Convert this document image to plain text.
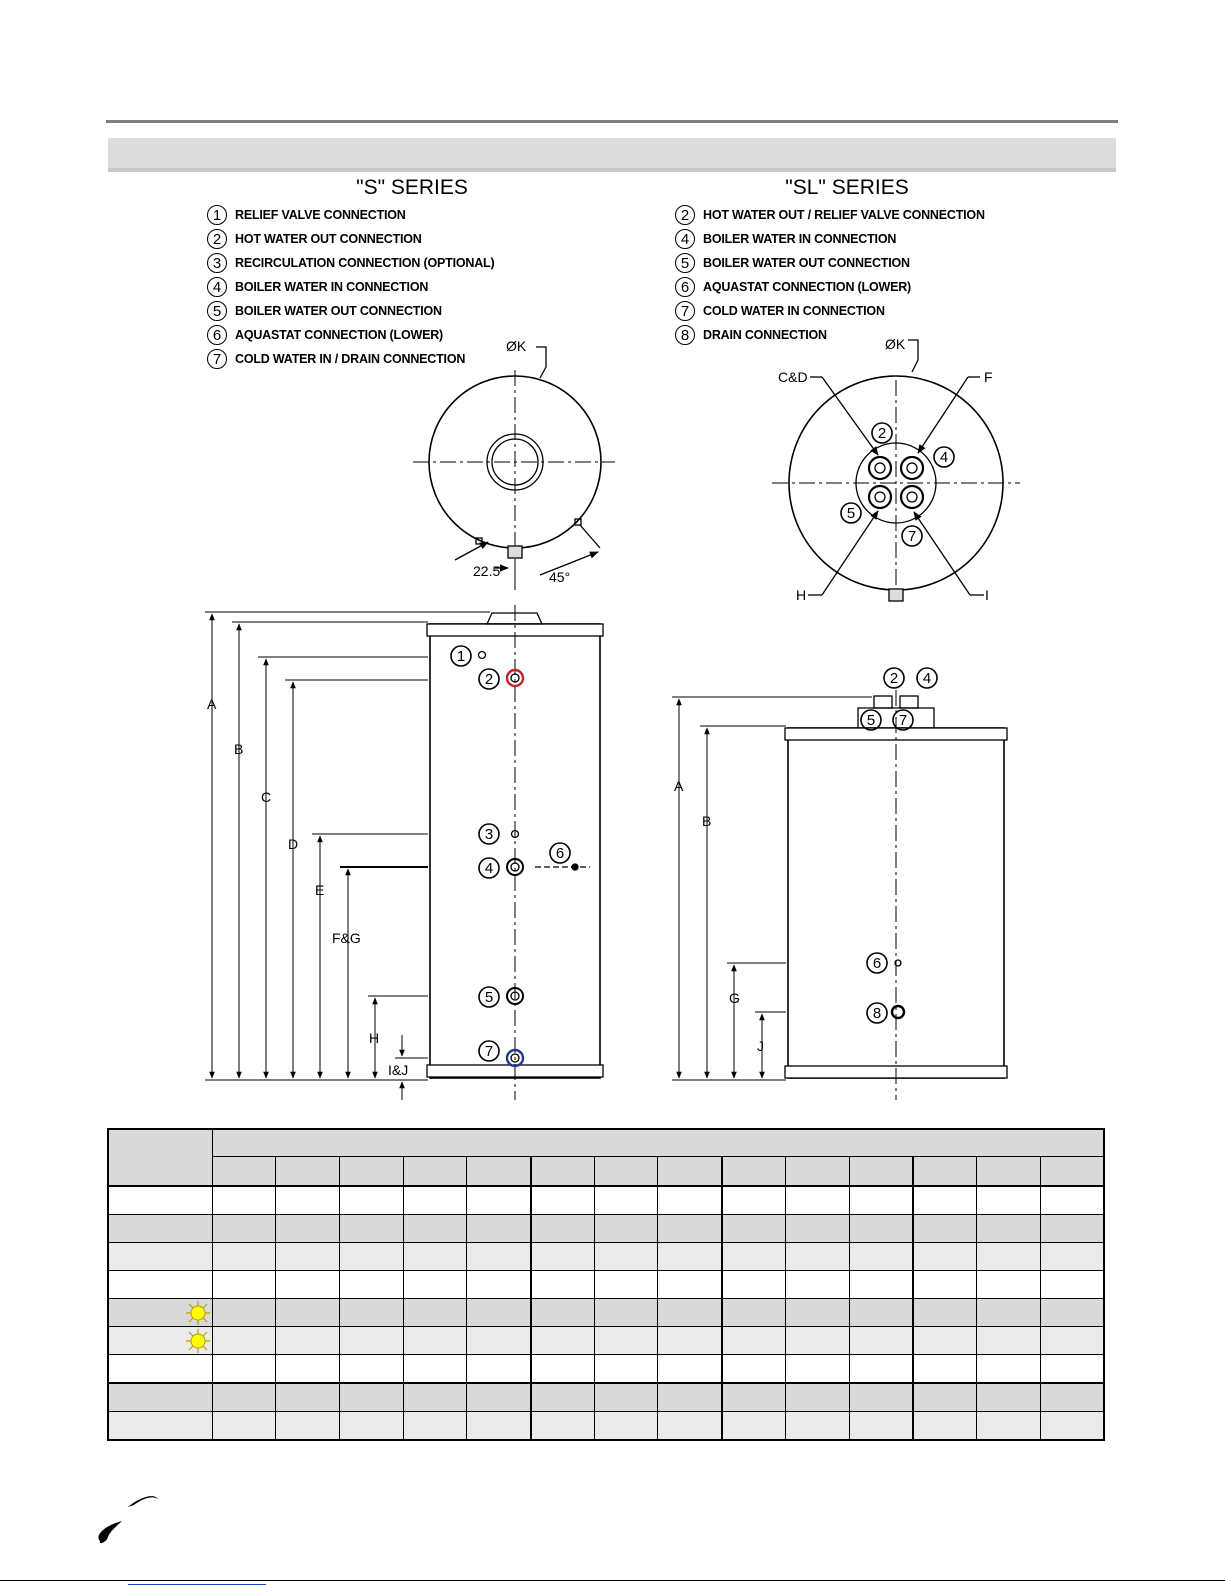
"S" SERIES	"SL" SERIES
1	RELIEF VALVE CONNECTION
2	HOT WATER OUT CONNECTION
3	RECIRCULATION CONNECTION (OPTIONAL)
4	BOILER WATER IN CONNECTION
5	BOILER WATER OUT CONNECTION
6	AQUASTAT CONNECTION (LOWER)
7	COLD WATER IN / DRAIN CONNECTION
2	HOT WATER OUT / RELIEF VALVE CONNECTION
4	BOILER WATER IN CONNECTION
5	BOILER WATER OUT CONNECTION
6	AQUASTAT CONNECTION (LOWER)
7	COLD WATER IN CONNECTION
8	DRAIN CONNECTION
ØK
22.5°	45°
A
B
C
D
E
F&G
H
I&J
ØK
C&D	F
H	I
A
B
G
J
1
2
3
4
5
6
7
2
4
5
7
2 4
5 7
6
8
